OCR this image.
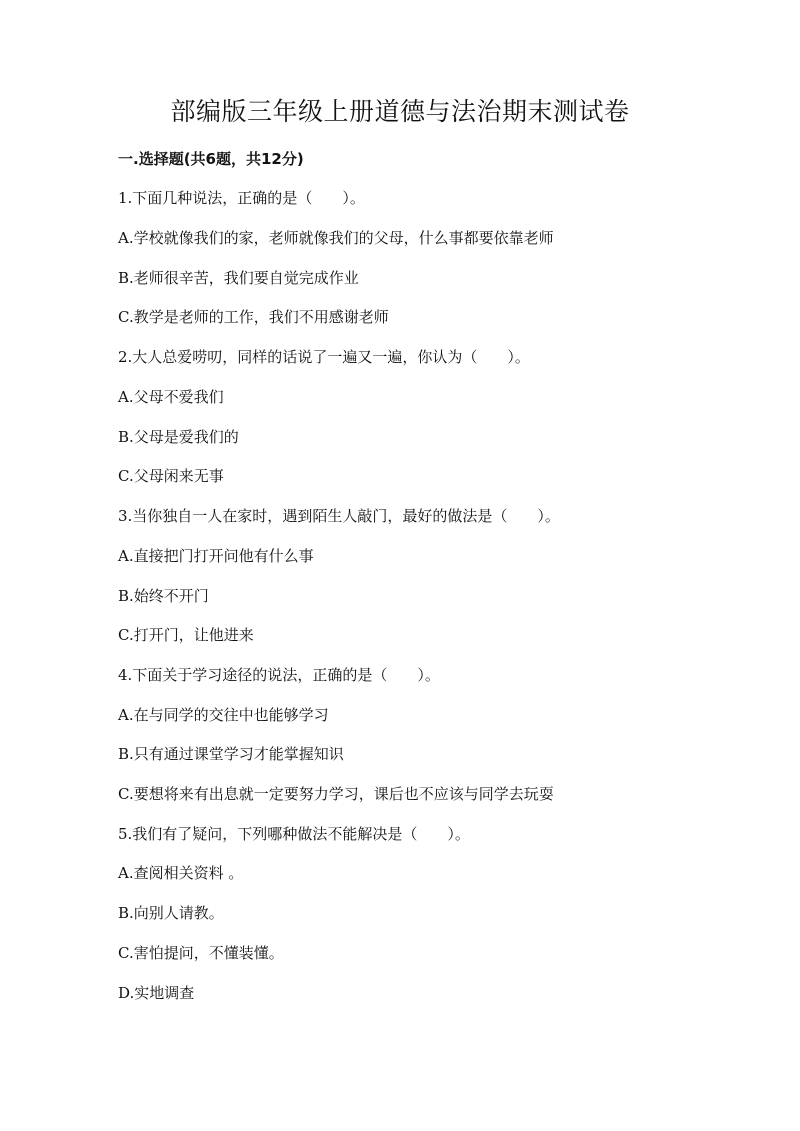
部编版三年级上册道德与法治期末测试卷
一.选择题(共6题，共12分)
1.下面几种说法，正确的是（　　）。
A.学校就像我们的家，老师就像我们的父母，什么事都要依靠老师
B.老师很辛苦，我们要自觉完成作业
C.教学是老师的工作，我们不用感谢老师
2.大人总爱唠叨，同样的话说了一遍又一遍，你认为（　　）。
A.父母不爱我们
B.父母是爱我们的
C.父母闲来无事
3.当你独自一人在家时，遇到陌生人敲门，最好的做法是（　　）。
A.直接把门打开问他有什么事
B.始终不开门
C.打开门，让他进来
4.下面关于学习途径的说法，正确的是（　　）。
A.在与同学的交往中也能够学习
B.只有通过课堂学习才能掌握知识
C.要想将来有出息就一定要努力学习，课后也不应该与同学去玩耍
5.我们有了疑问，下列哪种做法不能解决是（　　）。
A.查阅相关资料 。
B.向别人请教。
C.害怕提问，不懂装懂。
D.实地调查
